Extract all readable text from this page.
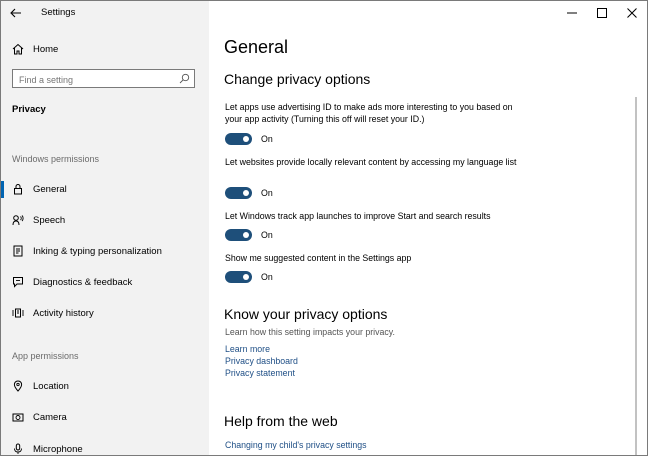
Settings
Home
Find a setting
Privacy
Windows permissions
General
Speech
Inking & typing personalization
Diagnostics & feedback
Activity history
App permissions
Location
Camera
Microphone
General
Change privacy options
Let apps use advertising ID to make ads more interesting to you based on your app activity (Turning this off will reset your ID.)
On
Let websites provide locally relevant content by accessing my language list
On
Let Windows track app launches to improve Start and search results
On
Show me suggested content in the Settings app
On
Know your privacy options
Learn how this setting impacts your privacy.
Learn more
Privacy dashboard
Privacy statement
Help from the web
Changing my child's privacy settings
